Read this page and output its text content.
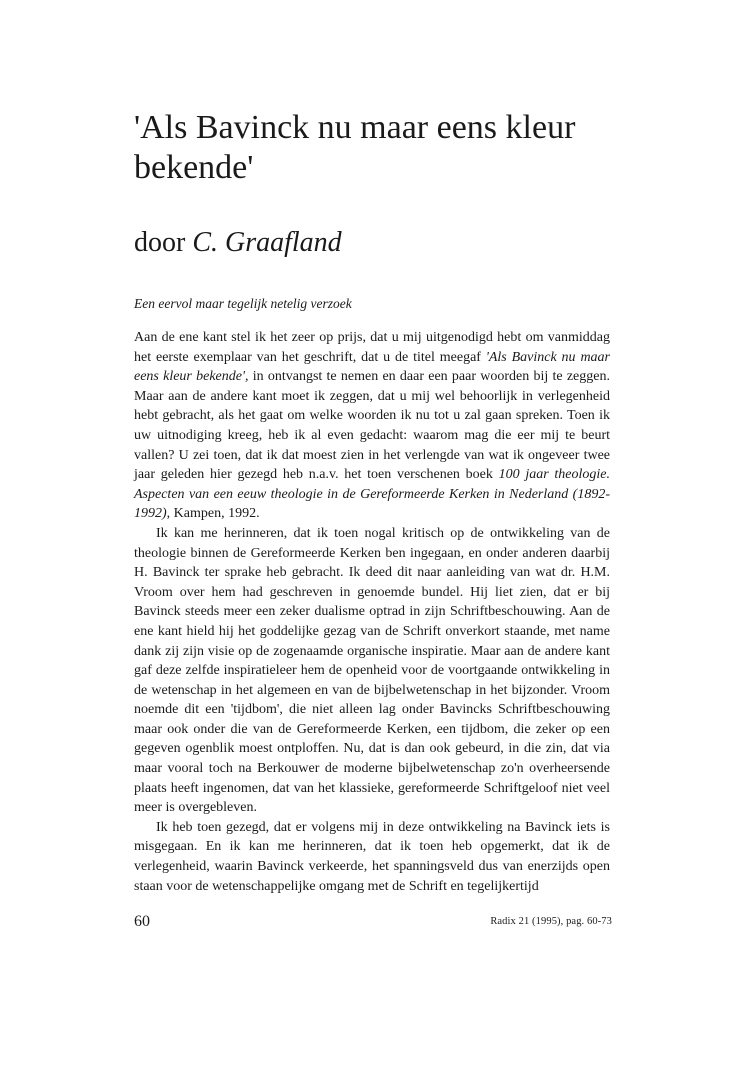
'Als Bavinck nu maar eens kleur bekende'
door C. Graafland
Een eervol maar tegelijk netelig verzoek

Aan de ene kant stel ik het zeer op prijs, dat u mij uitgenodigd hebt om vanmiddag het eerste exemplaar van het geschrift, dat u de titel meegaf 'Als Bavinck nu maar eens kleur bekende', in ontvangst te nemen en daar een paar woorden bij te zeggen. Maar aan de andere kant moet ik zeggen, dat u mij wel behoorlijk in verlegenheid hebt gebracht, als het gaat om welke woorden ik nu tot u zal gaan spreken. Toen ik uw uitnodiging kreeg, heb ik al even gedacht: waarom mag die eer mij te beurt vallen? U zei toen, dat ik dat moest zien in het verlengde van wat ik ongeveer twee jaar geleden hier gezegd heb n.a.v. het toen verschenen boek 100 jaar theologie. Aspecten van een eeuw theologie in de Gereformeerde Kerken in Nederland (1892-1992), Kampen, 1992.

Ik kan me herinneren, dat ik toen nogal kritisch op de ontwikkeling van de theologie binnen de Gereformeerde Kerken ben ingegaan, en onder anderen daarbij H. Bavinck ter sprake heb gebracht. Ik deed dit naar aanleiding van wat dr. H.M. Vroom over hem had geschreven in genoemde bundel. Hij liet zien, dat er bij Bavinck steeds meer een zeker dualisme optrad in zijn Schriftbeschouwing. Aan de ene kant hield hij het goddelijke gezag van de Schrift onverkort staande, met name dank zij zijn visie op de zogenaamde organische inspiratie. Maar aan de andere kant gaf deze zelfde inspiratieleer hem de openheid voor de voortgaande ontwikkeling in de wetenschap in het algemeen en van de bijbelwetenschap in het bijzonder. Vroom noemde dit een 'tijdbom', die niet alleen lag onder Bavincks Schriftbeschouwing maar ook onder die van de Gereformeerde Kerken, een tijdbom, die zeker op een gegeven ogenblik moest ontploffen. Nu, dat is dan ook gebeurd, in die zin, dat via maar vooral toch na Berkouwer de moderne bijbelwetenschap zo'n overheersende plaats heeft ingenomen, dat van het klassieke, gereformeerde Schriftgeloof niet veel meer is overgebleven.

Ik heb toen gezegd, dat er volgens mij in deze ontwikkeling na Bavinck iets is misgegaan. En ik kan me herinneren, dat ik toen heb opgemerkt, dat ik de verlegenheid, waarin Bavinck verkeerde, het spanningsveld dus van enerzijds open staan voor de wetenschappelijke omgang met de Schrift en tegelijkertijd

60	Radix 21 (1995), pag. 60-73
